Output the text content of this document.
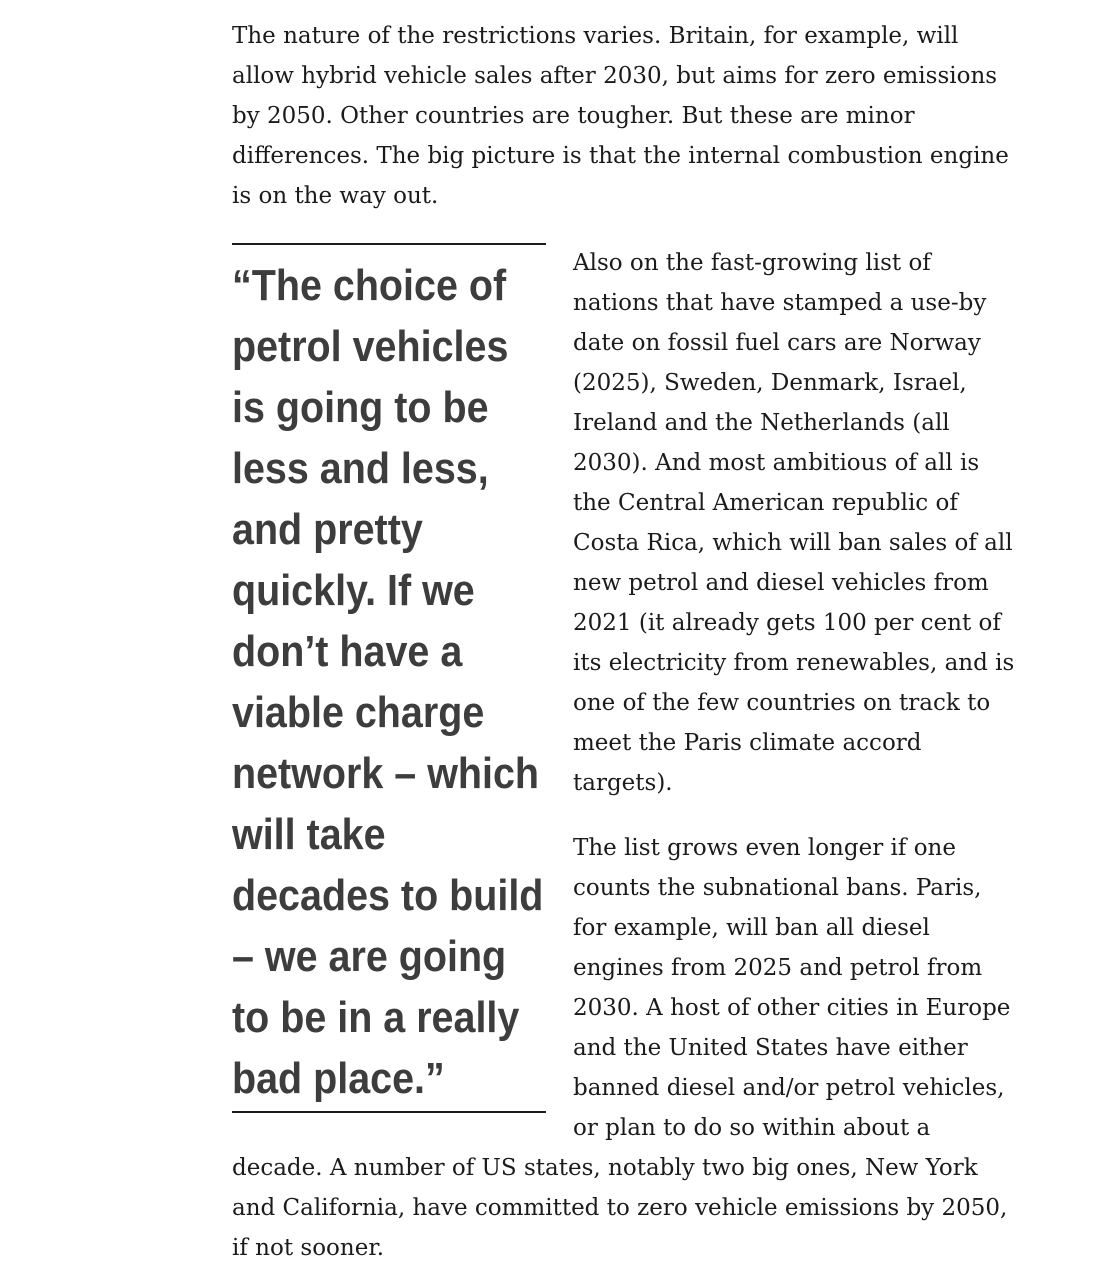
The nature of the restrictions varies. Britain, for example, will allow hybrid vehicle sales after 2030, but aims for zero emissions by 2050. Other countries are tougher. But these are minor differences. The big picture is that the internal combustion engine is on the way out.

“The choice of petrol vehicles is going to be less and less, and pretty quickly. If we don’t have a viable charge network – which will take decades to build – we are going to be in a really bad place.”

Also on the fast-growing list of nations that have stamped a use-by date on fossil fuel cars are Norway (2025), Sweden, Denmark, Israel, Ireland and the Netherlands (all 2030). And most ambitious of all is the Central American republic of Costa Rica, which will ban sales of all new petrol and diesel vehicles from 2021 (it already gets 100 per cent of its electricity from renewables, and is one of the few countries on track to meet the Paris climate accord targets).

The list grows even longer if one counts the subnational bans. Paris, for example, will ban all diesel engines from 2025 and petrol from 2030. A host of other cities in Europe and the United States have either banned diesel and/or petrol vehicles, or plan to do so within about a decade. A number of US states, notably two big ones, New York and California, have committed to zero vehicle emissions by 2050, if not sooner.
